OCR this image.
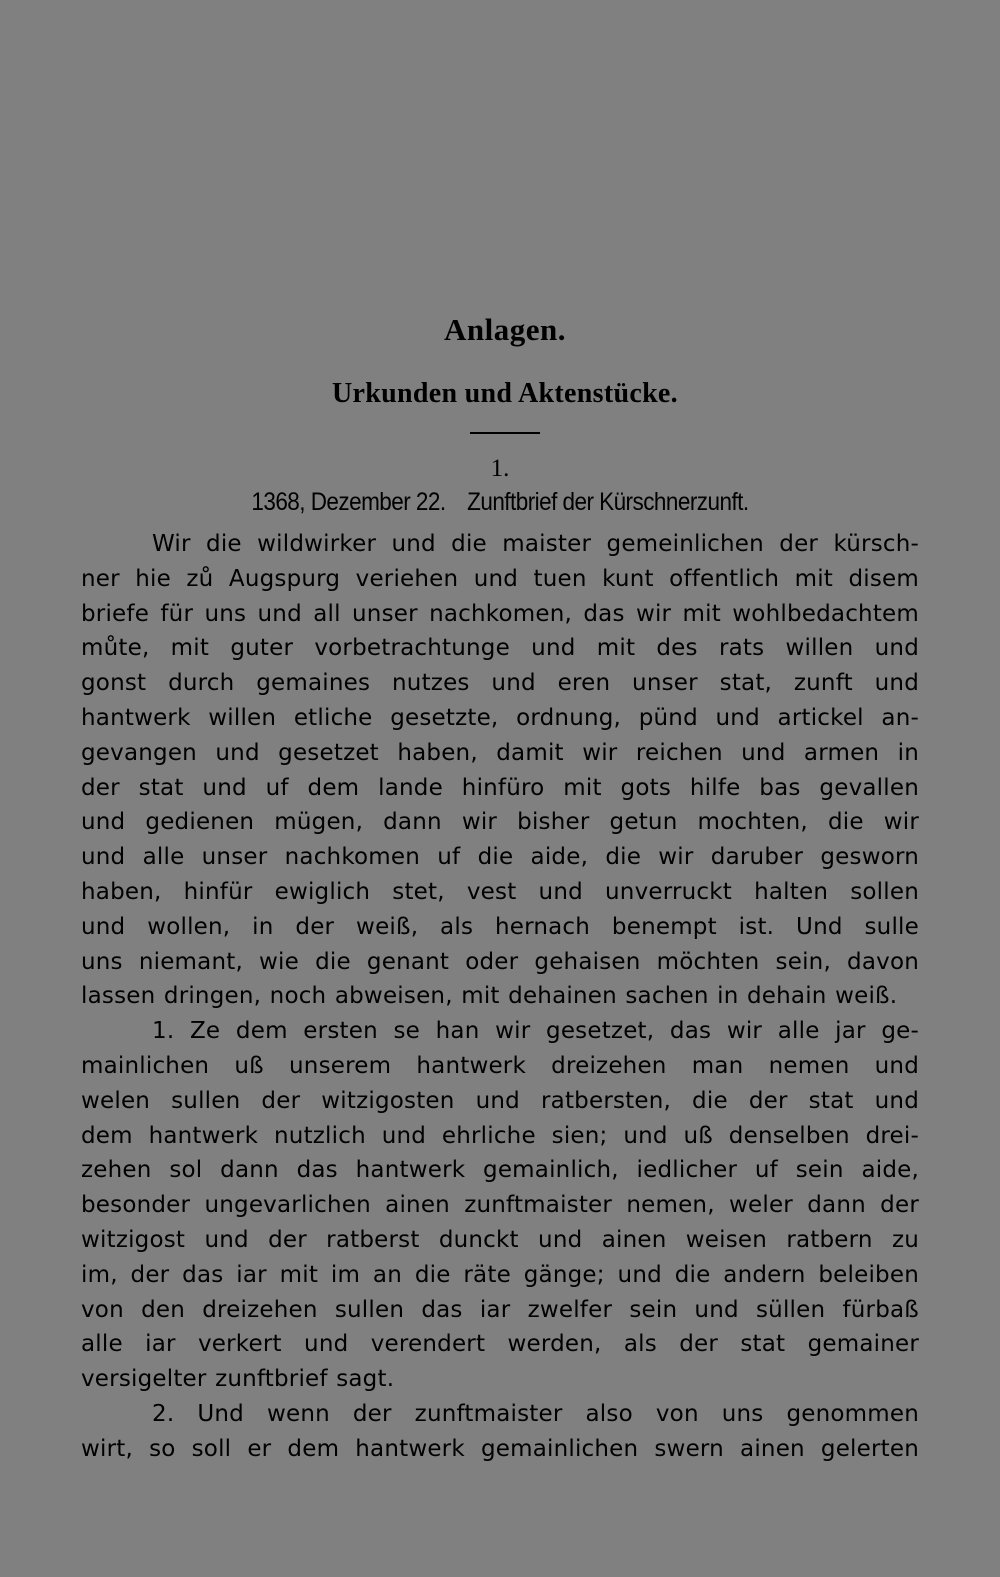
Anlagen.
Urkunden und Aktenstücke.
1.
1368, Dezember 22. Zunftbrief der Kürschnerzunft.
Wir die wildwirker und die maister gemeinlichen der kürsch-
ner hie zů Augspurg veriehen und tuen kunt offentlich mit disem
briefe für uns und all unser nachkomen, das wir mit wohlbedachtem
můte, mit guter vorbetrachtunge und mit des rats willen und
gonst durch gemaines nutzes und eren unser stat, zunft und
hantwerk willen etliche gesetzte, ordnung, pünd und artickel an-
gevangen und gesetzet haben, damit wir reichen und armen in
der stat und uf dem lande hinfüro mit gots hilfe bas gevallen
und gedienen mügen, dann wir bisher getun mochten, die wir
und alle unser nachkomen uf die aide, die wir daruber gesworn
haben, hinfür ewiglich stet, vest und unverruckt halten sollen
und wollen, in der weiß, als hernach benempt ist. Und sulle
uns niemant, wie die genant oder gehaisen möchten sein, davon
lassen dringen, noch abweisen, mit dehainen sachen in dehain weiß.
1. Ze dem ersten se han wir gesetzet, das wir alle jar ge-
mainlichen uß unserem hantwerk dreizehen man nemen und
welen sullen der witzigosten und ratbersten, die der stat und
dem hantwerk nutzlich und ehrliche sien; und uß denselben drei-
zehen sol dann das hantwerk gemainlich, iedlicher uf sein aide,
besonder ungevarlichen ainen zunftmaister nemen, weler dann der
witzigost und der ratberst dunckt und ainen weisen ratbern zu
im, der das iar mit im an die räte gänge; und die andern beleiben
von den dreizehen sullen das iar zwelfer sein und süllen fürbaß
alle iar verkert und verendert werden, als der stat gemainer
versigelter zunftbrief sagt.
2. Und wenn der zunftmaister also von uns genommen
wirt, so soll er dem hantwerk gemainlichen swern ainen gelerten
